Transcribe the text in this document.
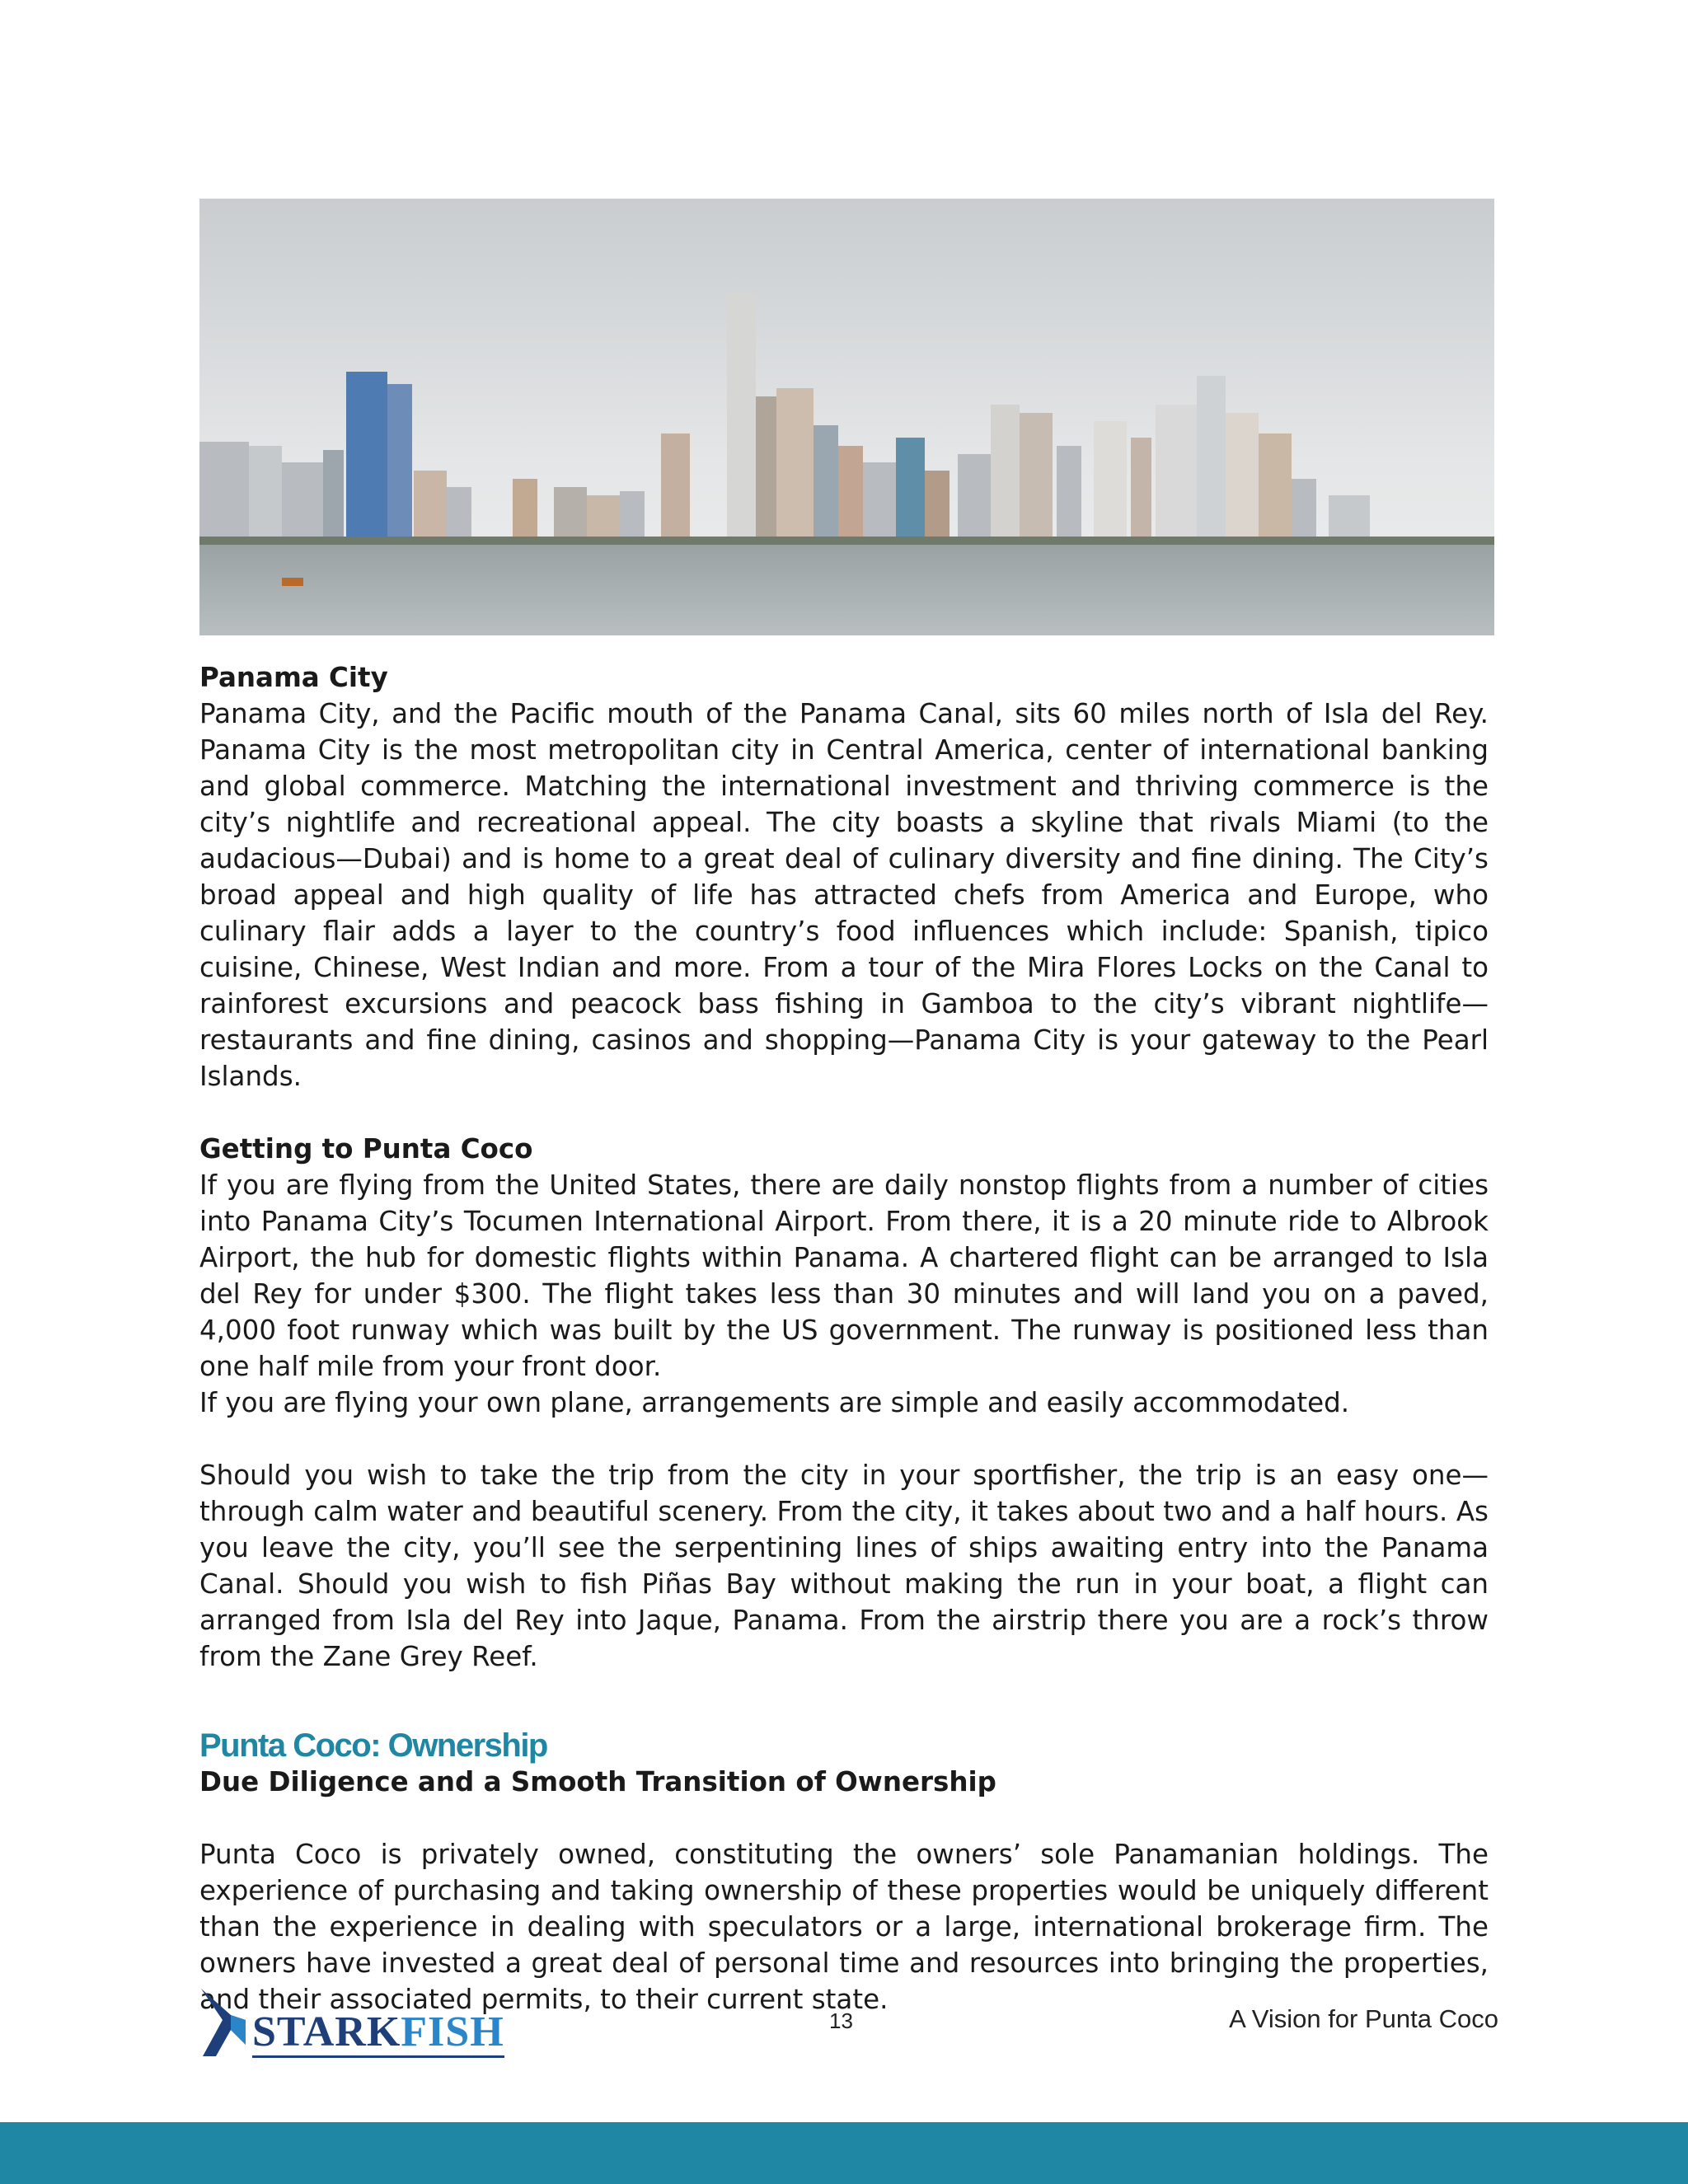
Panama City

Panama City, and the Pacific mouth of the Panama Canal, sits 60 miles north of Isla del Rey. Panama City is the most metropolitan city in Central America, center of international banking and global commerce. Matching the international investment and thriving commerce is the city’s nightlife and recreational appeal. The city boasts a skyline that rivals Miami (to the audacious—Dubai) and is home to a great deal of culinary diversity and fine dining. The City’s broad appeal and high quality of life has attracted chefs from America and Europe, who culinary flair adds a layer to the country’s food influences which include: Spanish, tipico cuisine, Chinese, West Indian and more. From a tour of the Mira Flores Locks on the Canal to rainforest excursions and peacock bass fishing in Gamboa to the city’s vibrant nightlife—restaurants and fine dining, casinos and shopping—Panama City is your gateway to the Pearl Islands.

Getting to Punta Coco

If you are flying from the United States, there are daily nonstop flights from a number of cities into Panama City’s Tocumen International Airport. From there, it is a 20 minute ride to Albrook Airport, the hub for domestic flights within Panama. A chartered flight can be arranged to Isla del Rey for under $300. The flight takes less than 30 minutes and will land you on a paved, 4,000 foot runway which was built by the US government. The runway is positioned less than one half mile from your front door.

If you are flying your own plane, arrangements are simple and easily accommodated.

Should you wish to take the trip from the city in your sportfisher, the trip is an easy one—through calm water and beautiful scenery. From the city, it takes about two and a half hours. As you leave the city, you’ll see the serpentining lines of ships awaiting entry into the Panama Canal. Should you wish to fish Piñas Bay without making the run in your boat, a flight can arranged from Isla del Rey into Jaque, Panama. From the airstrip there you are a rock’s throw from the Zane Grey Reef.

Punta Coco: Ownership

Due Diligence and a Smooth Transition of Ownership

Punta Coco is privately owned, constituting the owners’ sole Panamanian holdings. The experience of purchasing and taking ownership of these properties would be uniquely different than the experience in dealing with speculators or a large, international brokerage firm. The owners have invested a great deal of personal time and resources into bringing the properties, and their associated permits, to their current state.

STARKFISH	13	A Vision for Punta Coco
